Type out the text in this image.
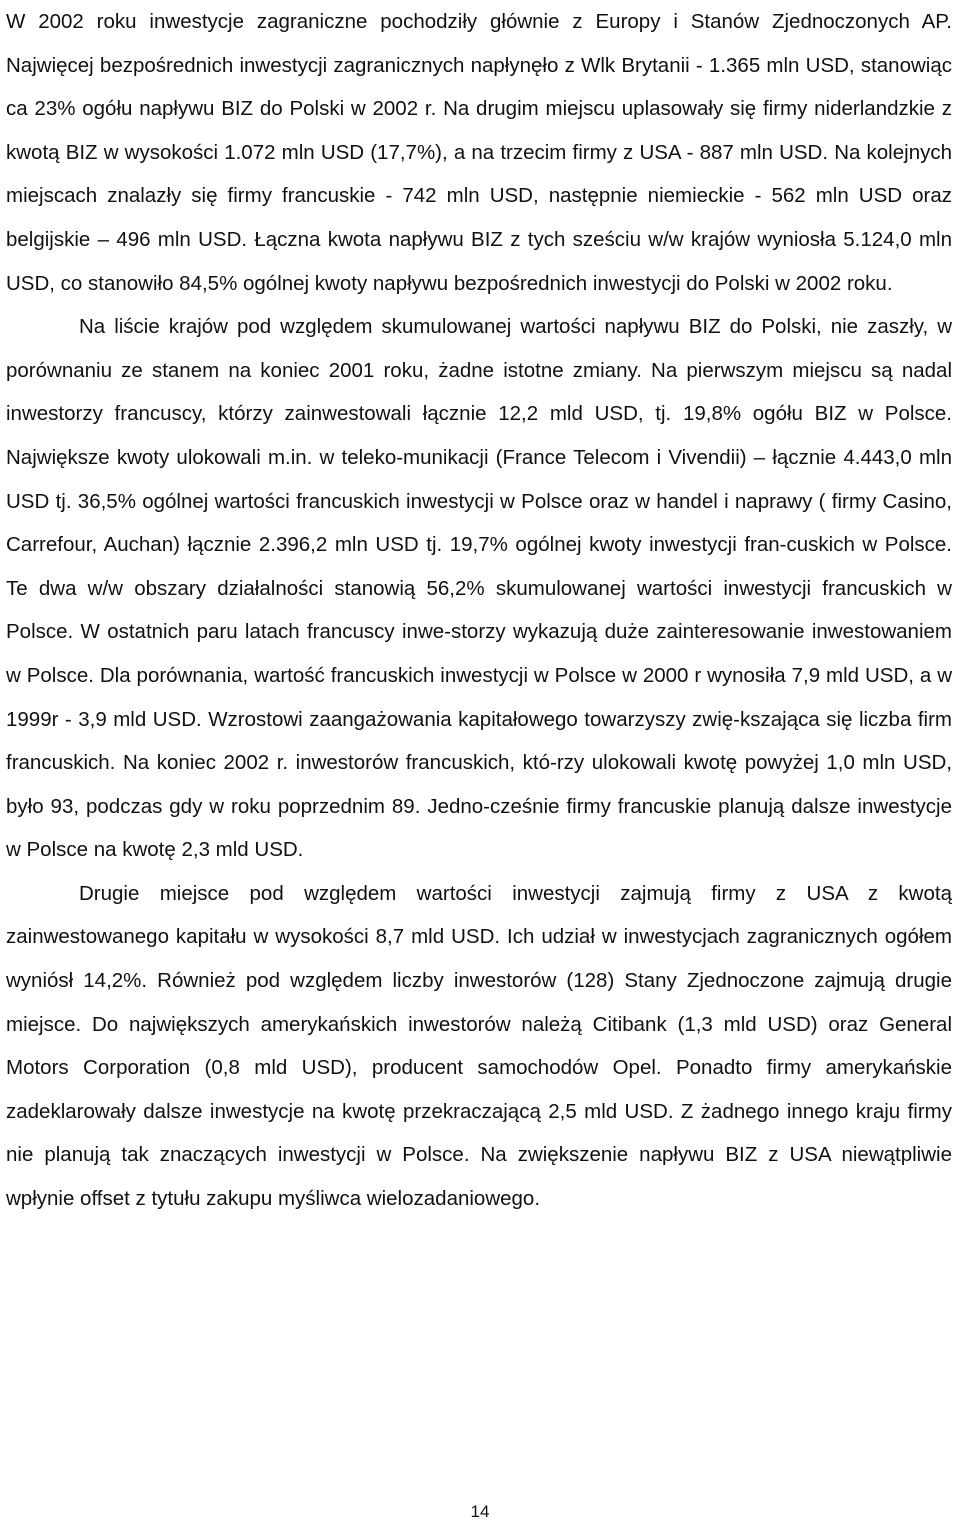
W 2002 roku inwestycje zagraniczne pochodziły głównie z Europy i Stanów Zjednoczonych AP. Najwięcej bezpośrednich inwestycji zagranicznych napłynęło z Wlk Brytanii - 1.365 mln USD, stanowiąc ca 23% ogółu napływu BIZ do Polski w 2002 r. Na drugim miejscu uplasowały się firmy niderlandzkie z kwotą BIZ w wysokości 1.072 mln USD (17,7%), a na trzecim firmy z USA - 887 mln USD. Na kolejnych miejscach znalazły się firmy francuskie - 742 mln USD, następnie niemieckie - 562 mln USD oraz belgijskie – 496 mln USD. Łączna kwota napływu BIZ z tych sześciu w/w krajów wyniosła 5.124,0 mln USD, co stanowiło 84,5% ogólnej kwoty napływu bezpośrednich inwestycji do Polski w 2002 roku.

Na liście krajów pod względem skumulowanej wartości napływu BIZ do Polski, nie zaszły, w porównaniu ze stanem na koniec 2001 roku, żadne istotne zmiany. Na pierwszym miejscu są nadal inwestorzy francuscy, którzy zainwestowali łącznie 12,2 mld USD, tj. 19,8% ogółu BIZ w Polsce. Największe kwoty ulokowali m.in. w teleko-munikacji (France Telecom i Vivendii) – łącznie 4.443,0 mln USD tj. 36,5% ogólnej wartości francuskich inwestycji w Polsce oraz w handel i naprawy ( firmy Casino, Carrefour, Auchan) łącznie 2.396,2 mln USD tj. 19,7% ogólnej kwoty inwestycji fran-cuskich w Polsce. Te dwa w/w obszary działalności stanowią 56,2% skumulowanej wartości inwestycji francuskich w Polsce. W ostatnich paru latach francuscy inwe-storzy wykazują duże zainteresowanie inwestowaniem w Polsce. Dla porównania, wartość francuskich inwestycji w Polsce w 2000 r wynosiła 7,9 mld USD, a w 1999r - 3,9 mld USD. Wzrostowi zaangażowania kapitałowego towarzyszy zwię-kszająca się liczba firm francuskich. Na koniec 2002 r. inwestorów francuskich, któ-rzy ulokowali kwotę powyżej 1,0 mln USD, było 93, podczas gdy w roku poprzednim 89. Jedno-cześnie firmy francuskie planują dalsze inwestycje w Polsce na kwotę 2,3 mld USD.

Drugie miejsce pod względem wartości inwestycji zajmują firmy z USA z kwotą zainwestowanego kapitału w wysokości 8,7 mld USD. Ich udział w inwestycjach zagranicznych ogółem wyniósł 14,2%. Również pod względem liczby inwestorów (128) Stany Zjednoczone zajmują drugie miejsce. Do największych amerykańskich inwestorów należą Citibank (1,3 mld USD) oraz General Motors Corporation (0,8 mld USD), producent samochodów Opel. Ponadto firmy amerykańskie zadeklarowały dalsze inwestycje na kwotę przekraczającą 2,5 mld USD. Z żadnego innego kraju firmy nie planują tak znaczących inwestycji w Polsce. Na zwiększenie napływu BIZ z USA niewątpliwie wpłynie offset z tytułu zakupu myśliwca wielozadaniowego.

14
